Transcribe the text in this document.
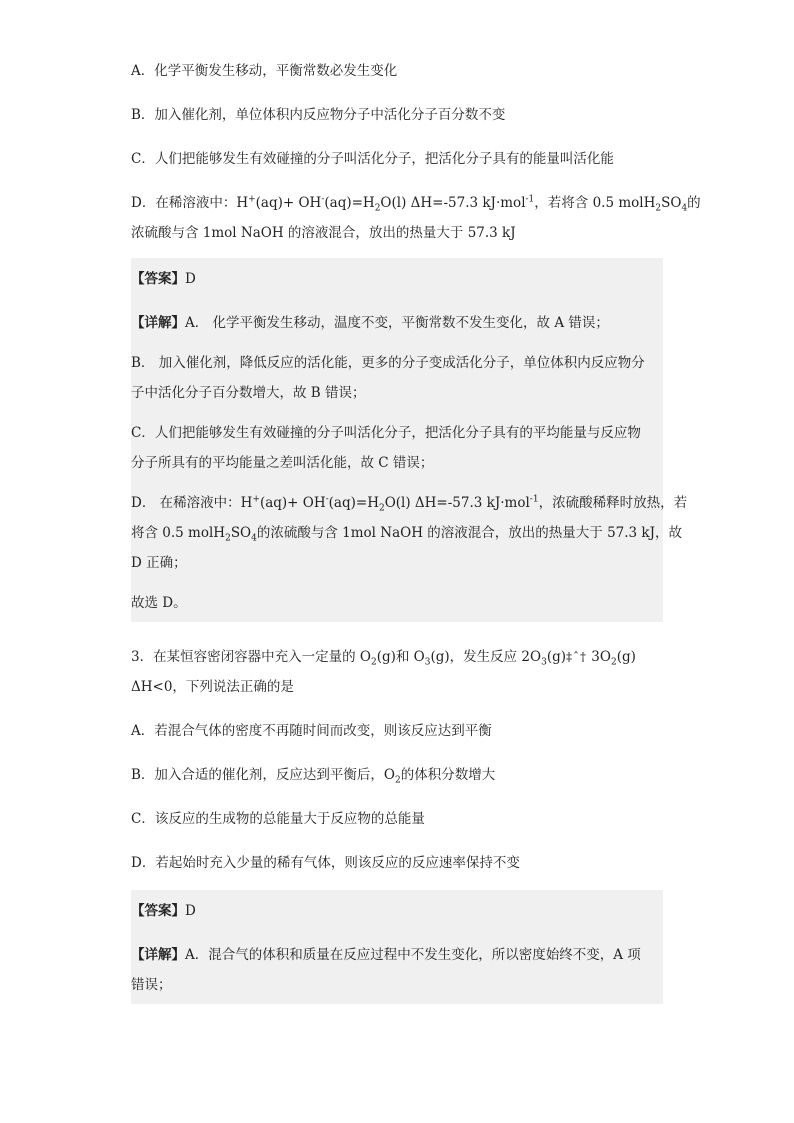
A．化学平衡发生移动，平衡常数必发生变化

B．加入催化剂，单位体积内反应物分子中活化分子百分数不变

C．人们把能够发生有效碰撞的分子叫活化分子，把活化分子具有的能量叫活化能

D．在稀溶液中：$H^+(aq)+ OH^-(aq)=H_2O(l)$ ΔH=-57.3 kJ·mol$^{-1}$，若将含 0.5 $molH_2SO_4$的

浓硫酸与含 1mol NaOH 的溶液混合，放出的热量大于 57.3 kJ

【答案】D

【详解】A． 化学平衡发生移动，温度不变，平衡常数不发生变化，故 A 错误；

B． 加入催化剂，降低反应的活化能，更多的分子变成活化分子，单位体积内反应物分

子中活化分子百分数增大，故 B 错误；

C．人们把能够发生有效碰撞的分子叫活化分子，把活化分子具有的平均能量与反应物

分子所具有的平均能量之差叫活化能，故 C 错误；

D． 在稀溶液中：$H^+(aq)+ OH^-(aq)=H_2O(l)$ ΔH=-57.3 kJ·mol$^{-1}$，浓硫酸稀释时放热，若

将含 0.5 $molH_2SO_4$的浓硫酸与含 1mol NaOH 的溶液混合，放出的热量大于 57.3 kJ，故

D 正确；

故选 D。

3．在某恒容密闭容器中充入一定量的 $O_2(g)$和 $O_3(g)$，发生反应 $2O_3(g)\ddagger ˆ\dagger$ $3O_2(g)$

ΔH<0，下列说法正确的是

A．若混合气体的密度不再随时间而改变，则该反应达到平衡

B．加入合适的催化剂，反应达到平衡后，$O_2$的体积分数增大

C．该反应的生成物的总能量大于反应物的总能量

D．若起始时充入少量的稀有气体，则该反应的反应速率保持不变

【答案】D

【详解】A．混合气的体积和质量在反应过程中不发生变化，所以密度始终不变，A 项

错误；
